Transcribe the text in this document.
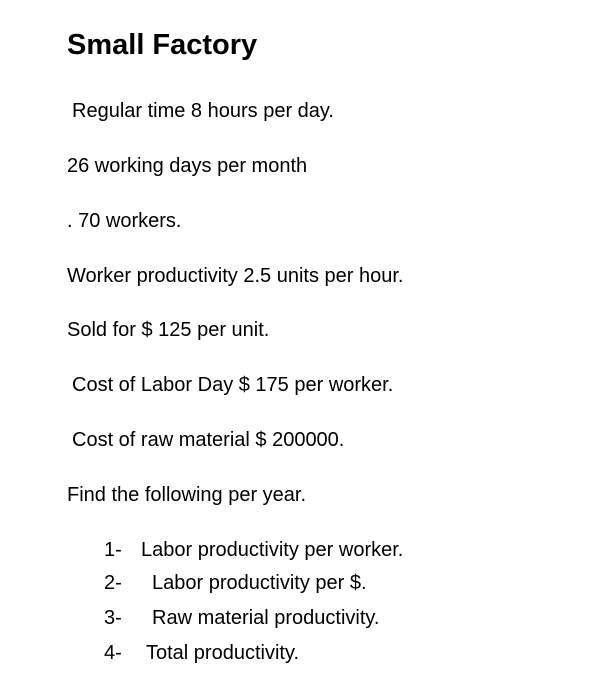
Small Factory
Regular time 8 hours per day.
26 working days per month
. 70 workers.
Worker productivity 2.5 units per hour.
Sold for $ 125 per unit.
Cost of Labor Day $ 175 per worker.
Cost of raw material $ 200000.
Find the following per year.
1- Labor productivity per worker.
2- Labor productivity per $.
3- Raw material productivity.
4- Total productivity.
